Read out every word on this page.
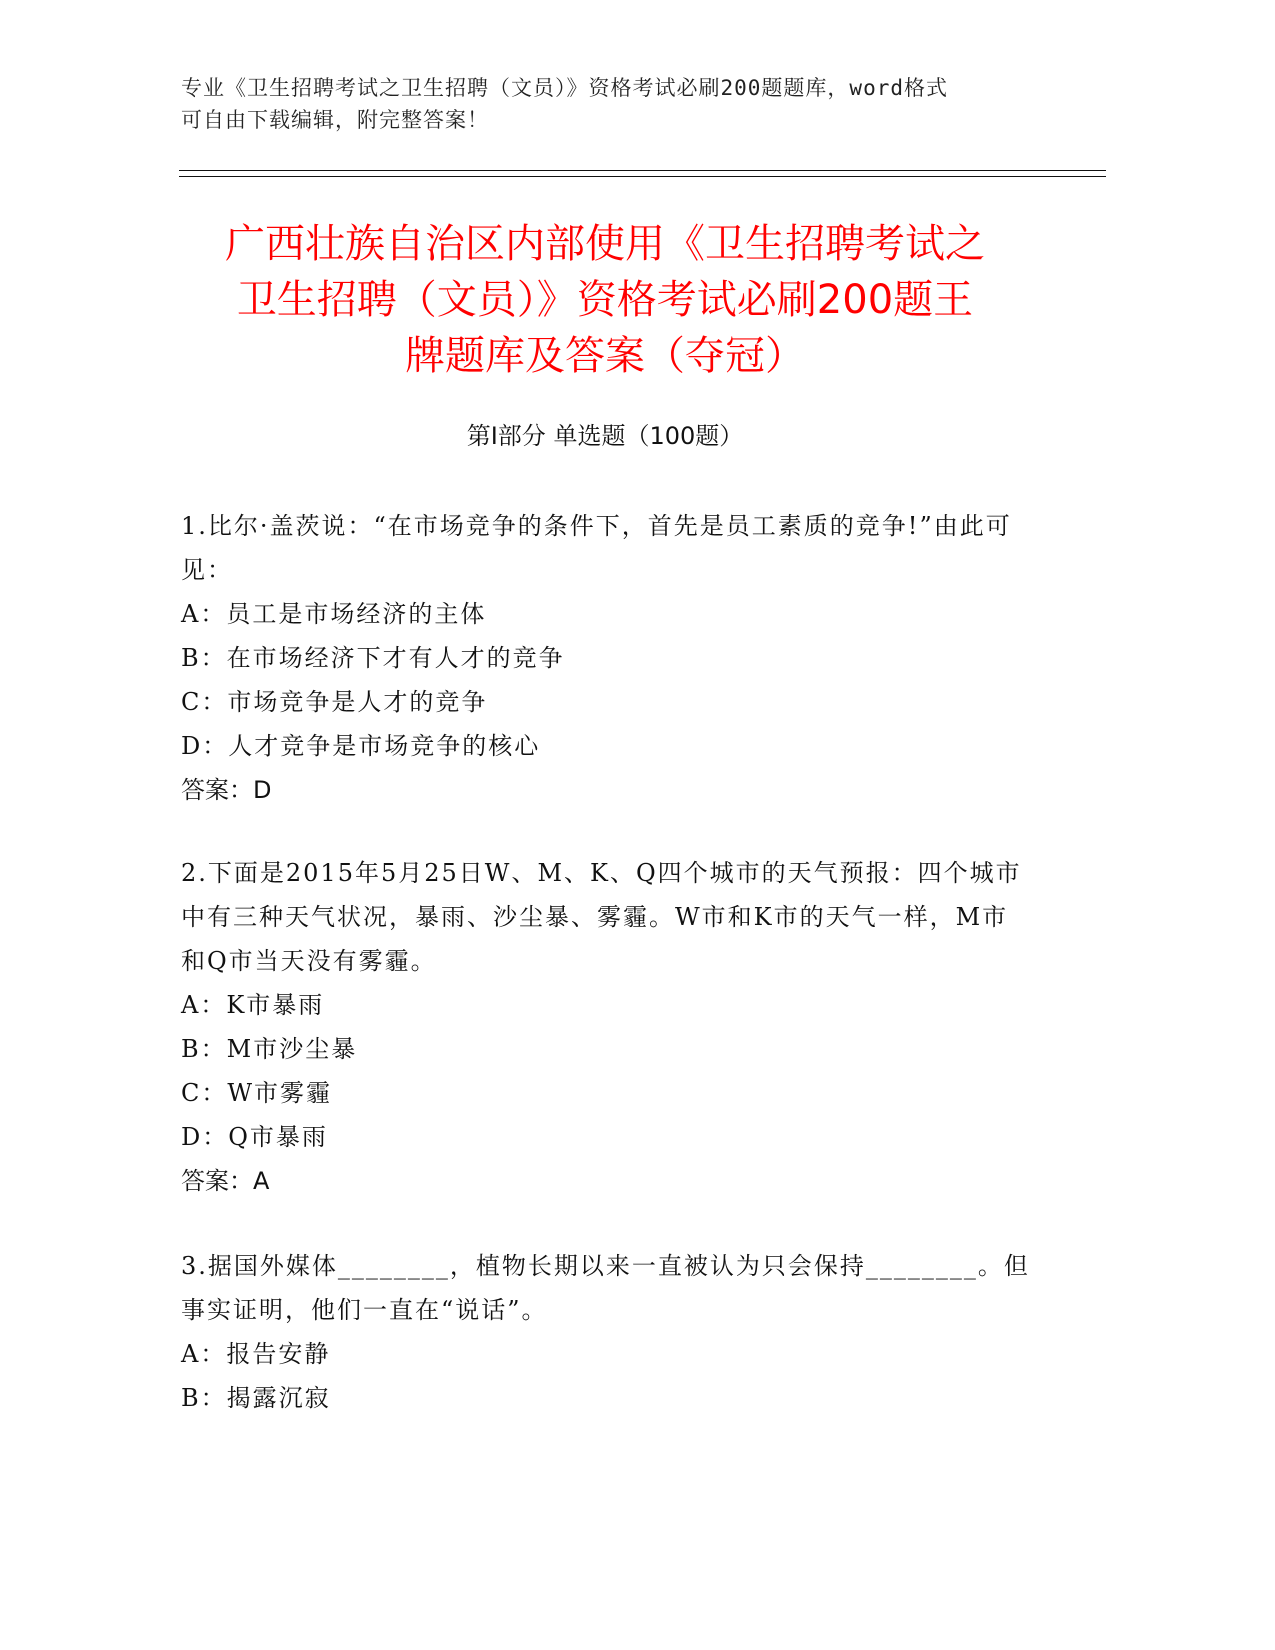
专业《卫生招聘考试之卫生招聘（文员）》资格考试必刷200题题库，word格式
可自由下载编辑，附完整答案！
广西壮族自治区内部使用《卫生招聘考试之
卫生招聘（文员）》资格考试必刷200题王
牌题库及答案（夺冠）
第Ⅰ部分 单选题（100题）
1.比尔·盖茨说：“在市场竞争的条件下，首先是员工素质的竞争!”由此可见：
A：员工是市场经济的主体
B：在市场经济下才有人才的竞争
C：市场竞争是人才的竞争
D：人才竞争是市场竞争的核心
答案：D
2.下面是2015年5月25日W、M、K、Q四个城市的天气预报：四个城市中有三种天气状况，暴雨、沙尘暴、雾霾。W市和K市的天气一样，M市和Q市当天没有雾霾。
A：K市暴雨
B：M市沙尘暴
C：W市雾霾
D：Q市暴雨
答案：A
3.据国外媒体________，植物长期以来一直被认为只会保持________。但事实证明，他们一直在“说话”。
A：报告安静
B：揭露沉寂
